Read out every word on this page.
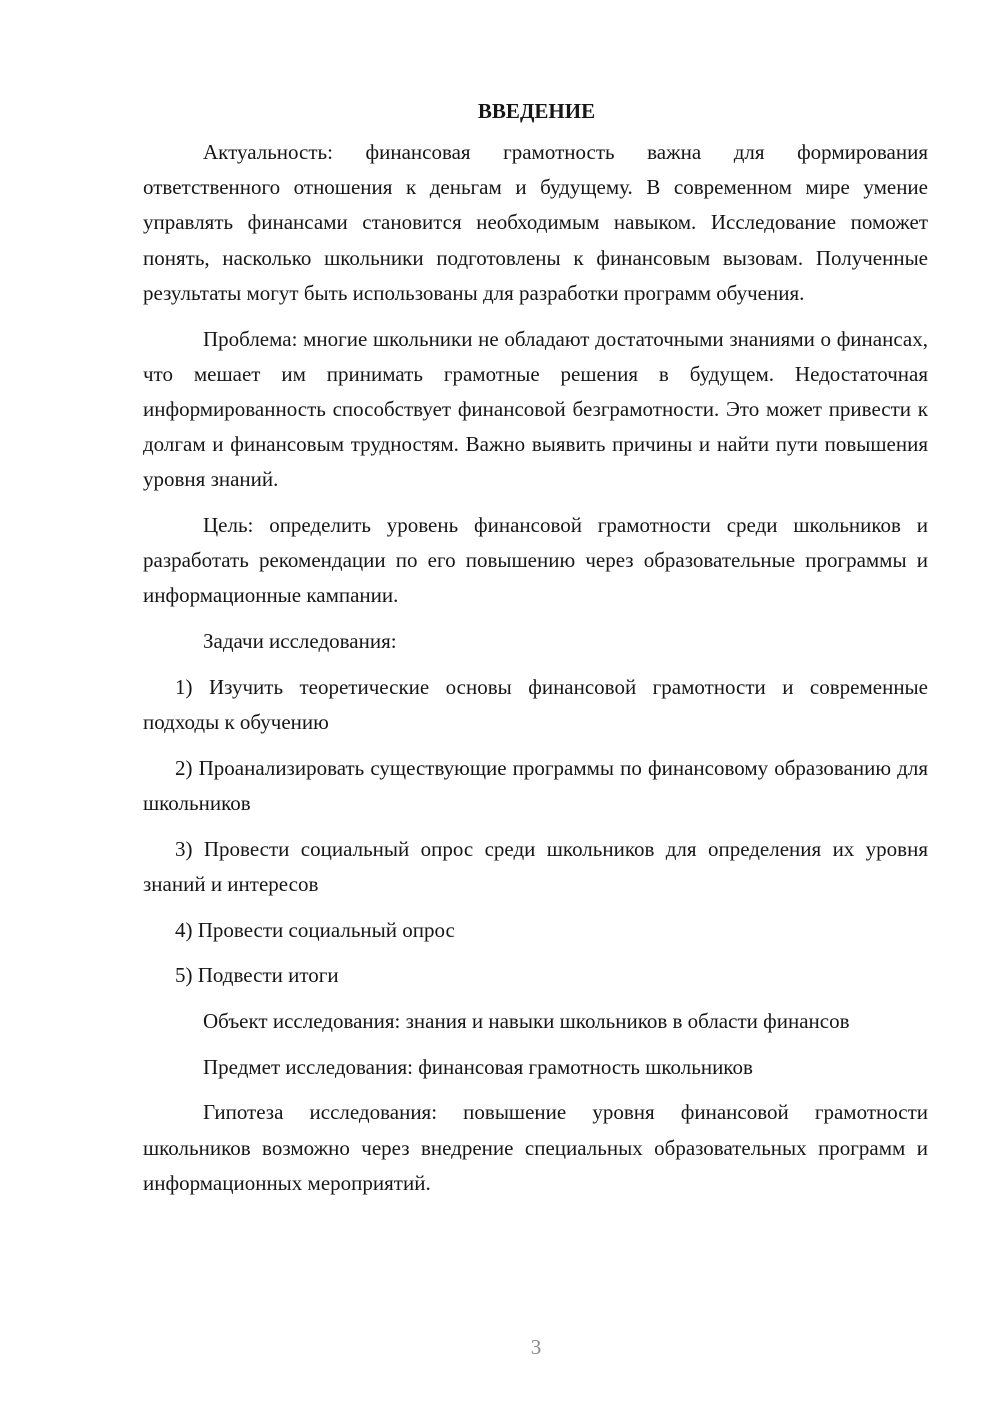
ВВЕДЕНИЕ

Актуальность: финансовая грамотность важна для формирования ответственного отношения к деньгам и будущему. В современном мире умение управлять финансами становится необходимым навыком. Исследование поможет понять, насколько школьники подготовлены к финансовым вызовам. Полученные результаты могут быть использованы для разработки программ обучения.

Проблема: многие школьники не обладают достаточными знаниями о финансах, что мешает им принимать грамотные решения в будущем. Недостаточная информированность способствует финансовой безграмотности. Это может привести к долгам и финансовым трудностям. Важно выявить причины и найти пути повышения уровня знаний.

Цель: определить уровень финансовой грамотности среди школьников и разработать рекомендации по его повышению через образовательные программы и информационные кампании.

Задачи исследования:

1) Изучить теоретические основы финансовой грамотности и современные подходы к обучению

2) Проанализировать существующие программы по финансовому образованию для школьников

3) Провести социальный опрос среди школьников для определения их уровня знаний и интересов

4) Провести социальный опрос

5) Подвести итоги

Объект исследования: знания и навыки школьников в области финансов

Предмет исследования: финансовая грамотность школьников

Гипотеза исследования: повышение уровня финансовой грамотности школьников возможно через внедрение специальных образовательных программ и информационных мероприятий.

3
